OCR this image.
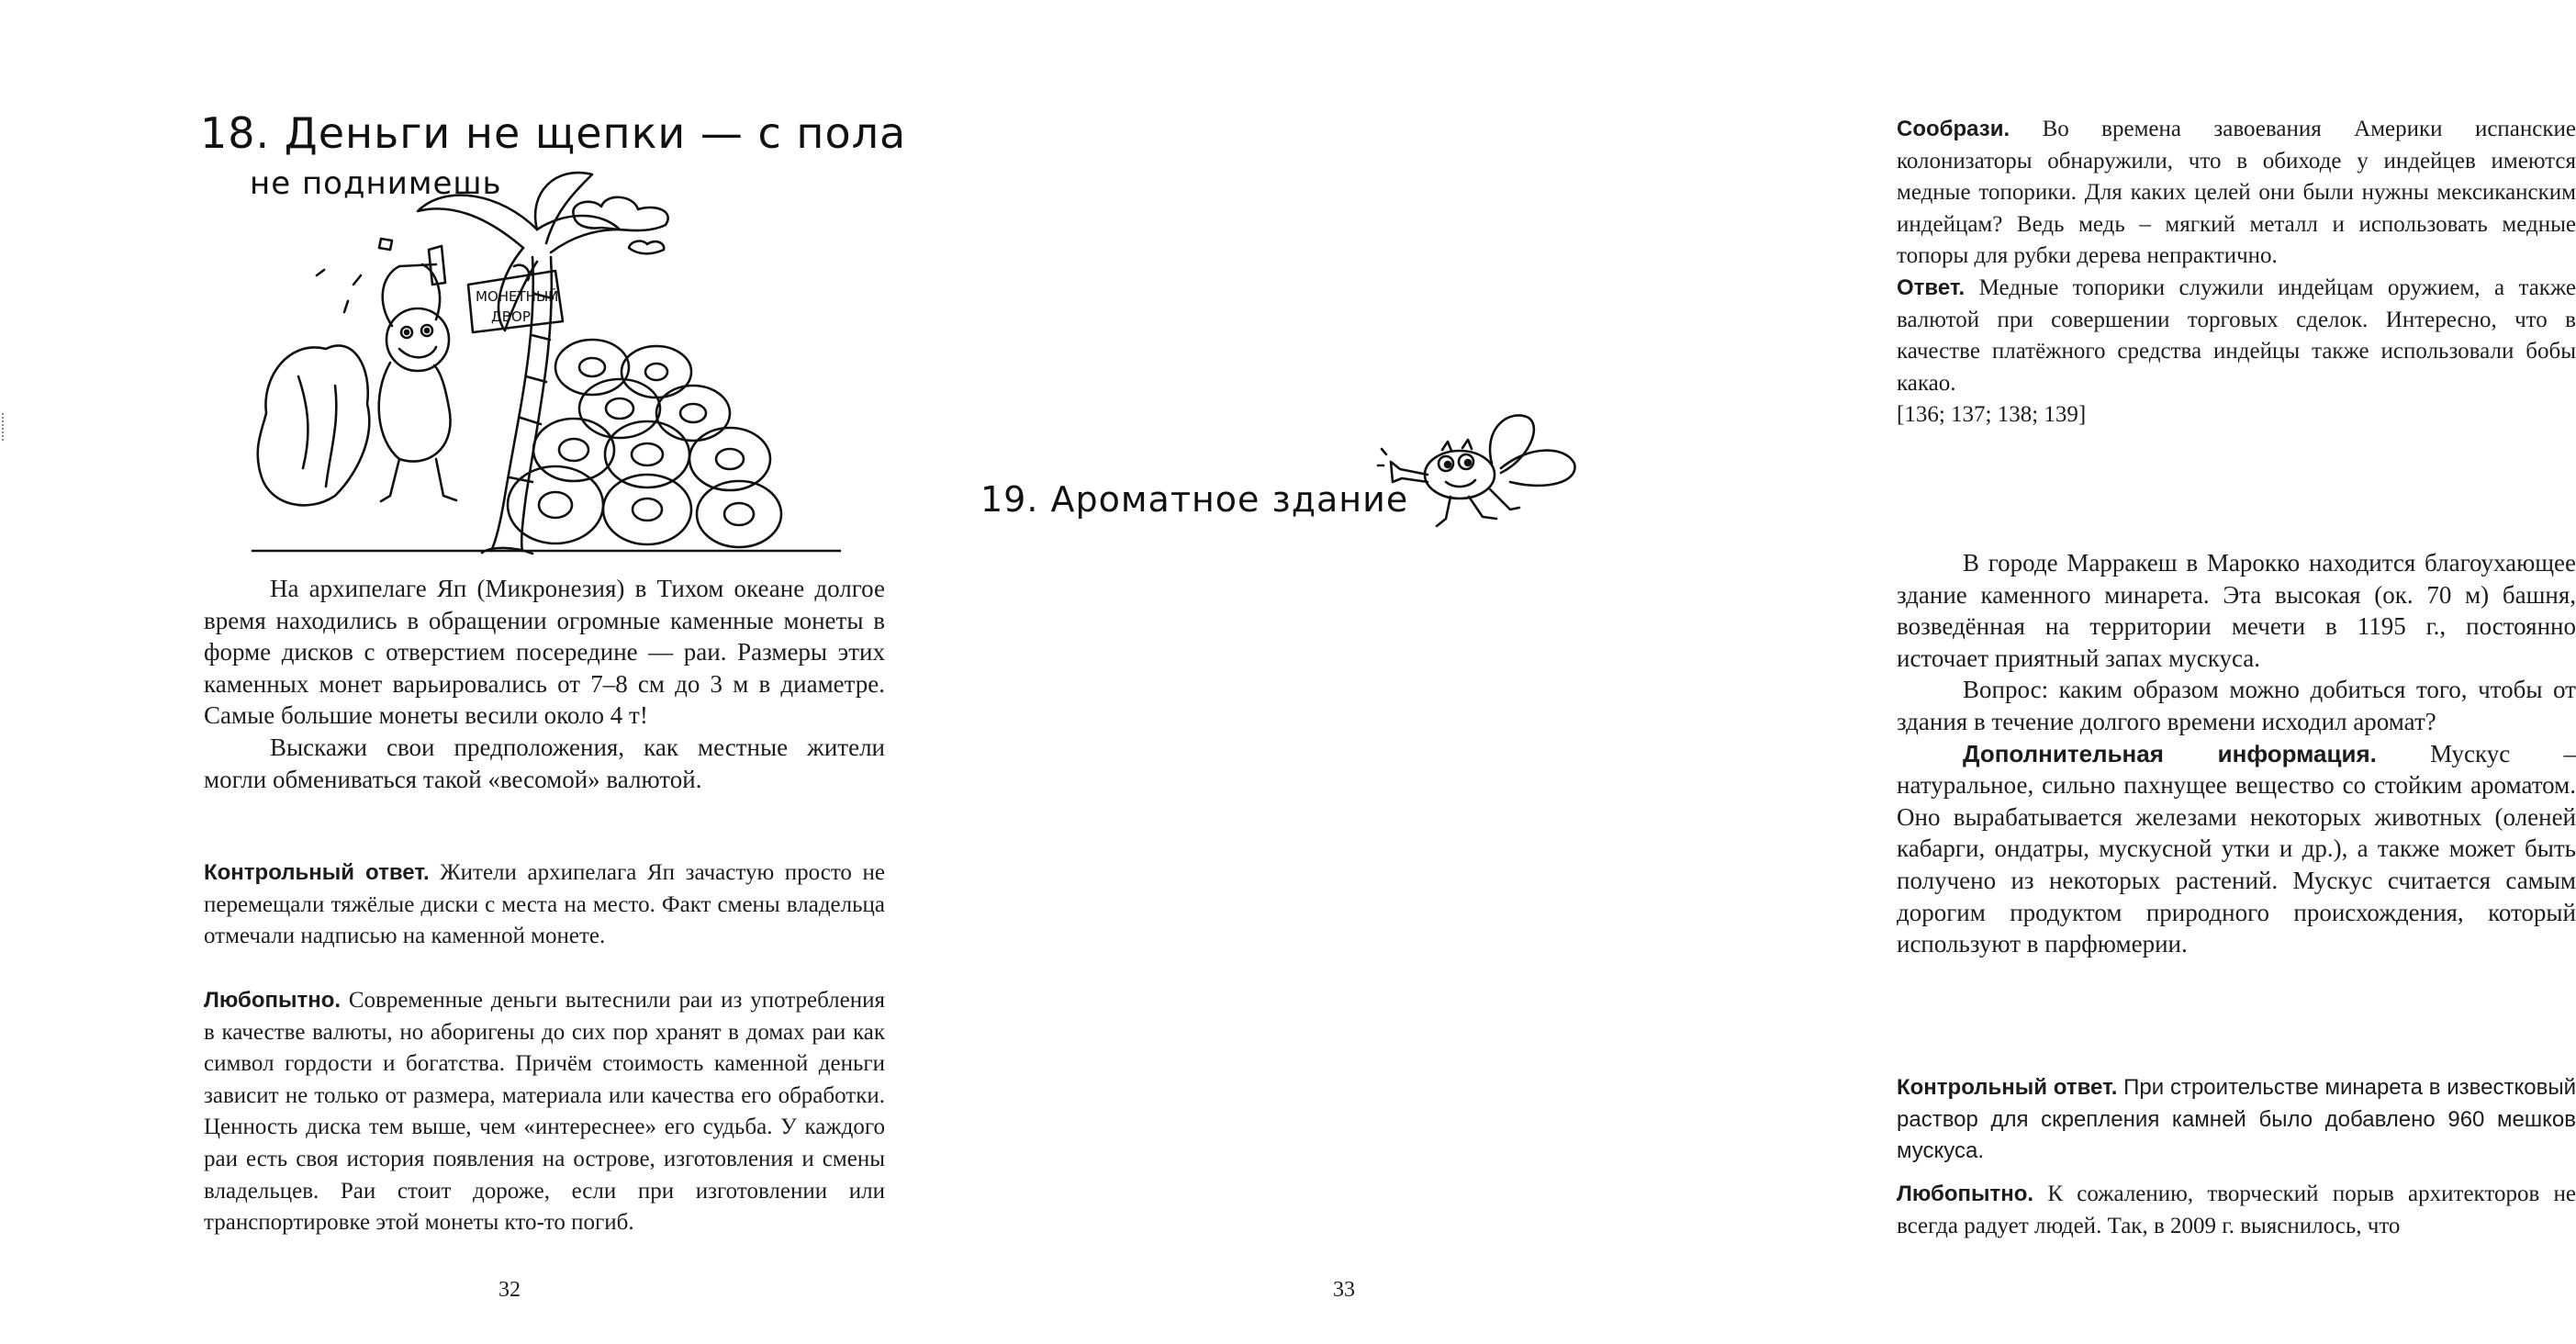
18. Деньги не щепки — с пола
не поднимешь
МОНЕТНЫЙ
ДВОР

На архипелаге Яп (Микронезия) в Тихом океане долгое время находились в обращении огромные каменные монеты в форме дисков с отверстием посередине — раи. Размеры этих каменных монет варьировались от 7–8 см до 3 м в диаметре. Самые большие монеты весили около 4 т!

Выскажи свои предположения, как местные жители могли обмениваться такой «весомой» валютой.

Контрольный ответ. Жители архипелага Яп зачастую просто не перемещали тяжёлые диски с места на место. Факт смены владельца отмечали надписью на каменной монете.

Любопытно. Современные деньги вытеснили раи из употребления в качестве валюты, но аборигены до сих пор хранят в домах раи как символ гордости и богатства. Причём стоимость каменной деньги зависит не только от размера, материала или качества его обработки. Ценность диска тем выше, чем «интереснее» его судьба. У каждого раи есть своя история появления на острове, изготовления и смены владельцев. Раи стоит дороже, если при изготовлении или транспортировке этой монеты кто-то погиб.

32

Сообрази. Во времена завоевания Америки испанские колонизаторы обнаружили, что в обиходе у индейцев имеются медные топорики. Для каких целей они были нужны мексиканским индейцам? Ведь медь – мягкий металл и использовать медные топоры для рубки дерева непрактично.

Ответ. Медные топорики служили индейцам оружием, а также валютой при совершении торговых сделок. Интересно, что в качестве платёжного средства индейцы также использовали бобы какао.

[136; 137; 138; 139]

19. Ароматное здание

В городе Марракеш в Марокко находится благоухающее здание каменного минарета. Эта высокая (ок. 70 м) башня, возведённая на территории мечети в 1195 г., постоянно источает приятный запах мускуса.

Вопрос: каким образом можно добиться того, чтобы от здания в течение долгого времени исходил аромат?

Дополнительная информация. Мускус – натуральное, сильно пахнущее вещество со стойким ароматом. Оно вырабатывается железами некоторых животных (оленей кабарги, ондатры, мускусной утки и др.), а также может быть получено из некоторых растений. Мускус считается самым дорогим продуктом природного происхождения, который используют в парфюмерии.

Контрольный ответ. При строительстве минарета в известковый раствор для скрепления камней было добавлено 960 мешков мускуса.

Любопытно. К сожалению, творческий порыв архитекторов не всегда радует людей. Так, в 2009 г. выяснилось, что

33
